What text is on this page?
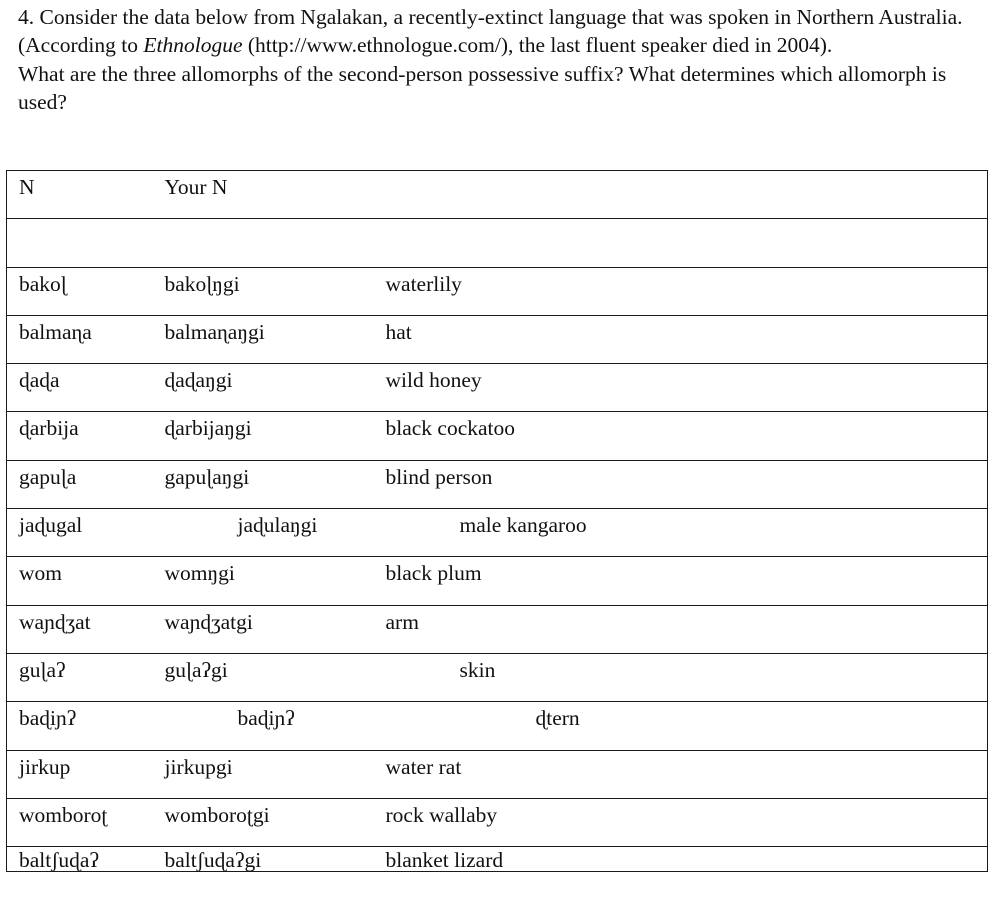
4. Consider the data below from Ngalakan, a recently-extinct language that was spoken in Northern Australia. (According to Ethnologue (http://www.ethnologue.com/), the last fluent speaker died in 2004).

What are the three allomorphs of the second-person possessive suffix? What determines which allomorph is used?

N	Your N	

bakoɭ	bakoɭŋgi	waterlily

balmaɳa	balmaɳaŋgi	hat

ɖaɖa	ɖaɖaŋgi	wild honey

ɖarbija	ɖarbijaŋgi	black cockatoo

gapuɭa	gapuɭaŋgi	blind person

jaɖugal	jaɖulaŋgi	male kangaroo

wom	womŋgi	black plum

waɲɖʒat	waɲɖʒatgi	arm

guɭaʔ	guɭaʔgi	skin

baɖiɲʔ	baɖiɲʔ	ɖtern

jirkup	jirkupgi	water rat

womboroʈ	womboroʈgi	rock wallaby

baltʃuɖaʔ	baltʃuɖaʔgi	blanket lizard
